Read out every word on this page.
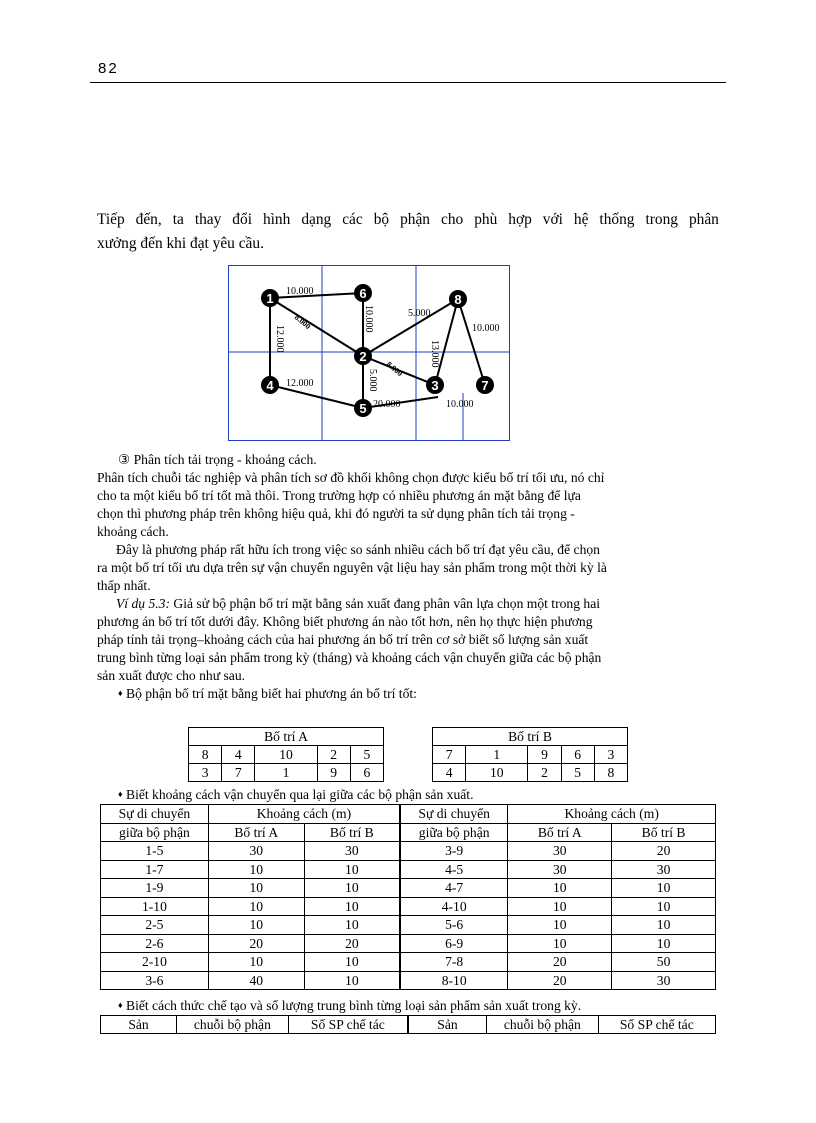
82
Tiếp đến, ta thay đổi hình dạng các bộ phận cho phù hợp với hệ thống trong phân
xưởng đến khi đạt yêu cầu.
1	6	8
2
4	3	7
5
10.000
8.000
12.000
10.000	5.000
10.000
13.000
8.000
12.000	5.000
20.000	10.000
③ Phân tích tải trọng - khoảng cách.
Phân tích chuỗi tác nghiệp và phân tích sơ đồ khối không chọn được kiểu bố trí tối ưu, nó chỉ
cho ta một kiểu bố trí tốt mà thôi. Trong trường hợp có nhiều phương án mặt bằng để lựa
chọn thì phương pháp trên không hiệu quả, khi đó người ta sử dụng phân tích tải trọng -
khoảng cách.
Đây là phương pháp rất hữu ích trong việc so sánh nhiều cách bố trí đạt yêu cầu, để chọn
ra một bố trí tối ưu dựa trên sự vận chuyển nguyên vật liệu hay sản phẩm trong một thời kỳ là
thấp nhất.
Ví dụ 5.3: Giả sử bộ phận bố trí mặt bằng sản xuất đang phân vân lựa chọn một trong hai
phương án bố trí tốt dưới đây. Không biết phương án nào tốt hơn, nên họ thực hiện phương
pháp tính tải trọng–khoảng cách của hai phương án bố trí trên cơ sở biết số lượng sản xuất
trung bình từng loại sản phẩm trong kỳ (tháng) và khoảng cách vận chuyển giữa các bộ phận
sản xuất được cho như sau.
♦ Bộ phận bố trí mặt bằng biết hai phương án bố trí tốt:
Bố trí A				
8	4	10	2	5
3	7	1	9	6
Bố trí B				
7	1	9	6	3
4	10	2	5	8
♦ Biết khoảng cách vận chuyển qua lại giữa các bộ phận sản xuất.
Sự di chuyển	Khoảng cách (m)		Sự di chuyển	Khoảng cách (m)	
giữa bộ phận	Bố trí A	Bố trí B	giữa bộ phận	Bố trí A	Bố trí B
1-5	30	30	3-9	30	20
1-7	10	10	4-5	30	30
1-9	10	10	4-7	10	10
1-10	10	10	4-10	10	10
2-5	10	10	5-6	10	10
2-6	20	20	6-9	10	10
2-10	10	10	7-8	20	50
3-6	40	10	8-10	20	30
♦ Biết cách thức chế tạo và số lượng trung bình từng loại sản phẩm sản xuất trong kỳ.
Sản	chuỗi bộ phận	Số SP chế tác	Sản	chuỗi bộ phận	Số SP chế tác
